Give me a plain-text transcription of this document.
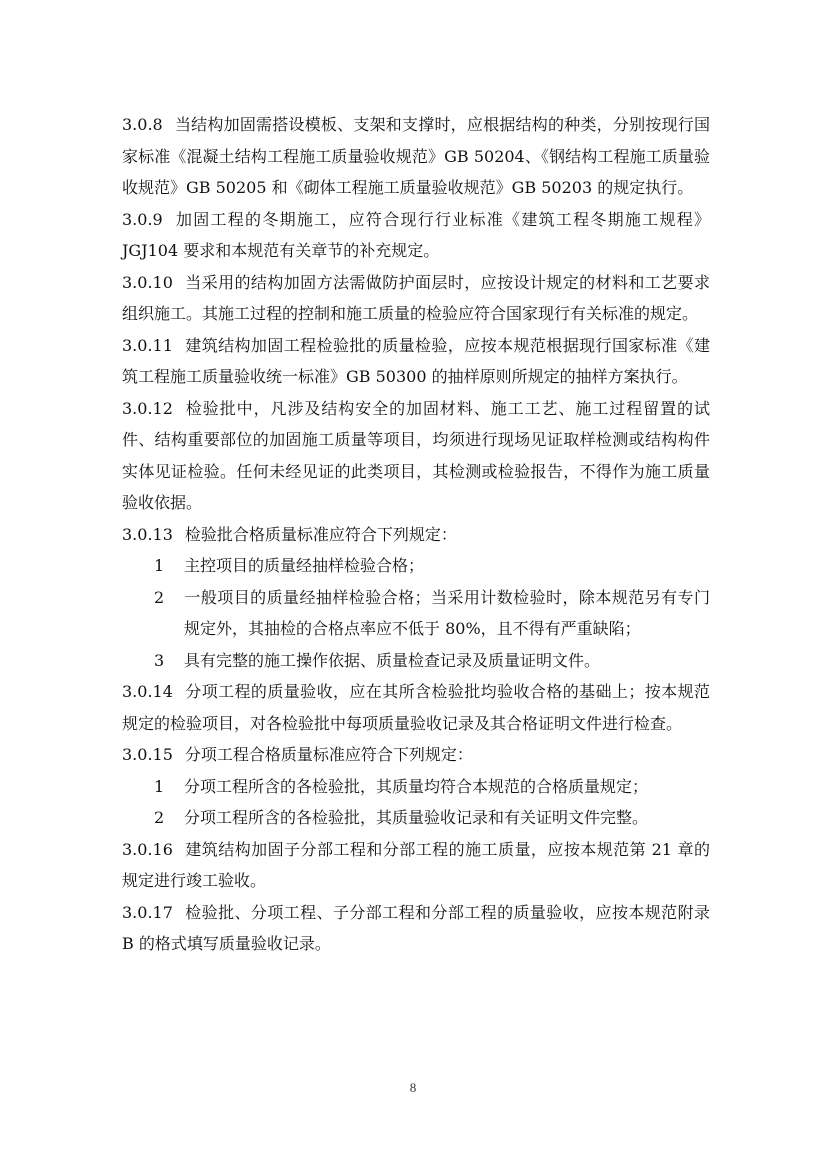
3.0.8 当结构加固需搭设模板、支架和支撑时，应根据结构的种类，分别按现行国家标准《混凝土结构工程施工质量验收规范》GB 50204、《钢结构工程施工质量验收规范》GB 50205 和《砌体工程施工质量验收规范》GB 50203 的规定执行。

3.0.9 加固工程的冬期施工，应符合现行行业标准《建筑工程冬期施工规程》JGJ104 要求和本规范有关章节的补充规定。

3.0.10 当采用的结构加固方法需做防护面层时，应按设计规定的材料和工艺要求组织施工。其施工过程的控制和施工质量的检验应符合国家现行有关标准的规定。

3.0.11 建筑结构加固工程检验批的质量检验，应按本规范根据现行国家标准《建筑工程施工质量验收统一标准》GB 50300 的抽样原则所规定的抽样方案执行。

3.0.12 检验批中，凡涉及结构安全的加固材料、施工工艺、施工过程留置的试件、结构重要部位的加固施工质量等项目，均须进行现场见证取样检测或结构构件实体见证检验。任何未经见证的此类项目，其检测或检验报告，不得作为施工质量验收依据。

3.0.13 检验批合格质量标准应符合下列规定：

1 主控项目的质量经抽样检验合格；

2 一般项目的质量经抽样检验合格；当采用计数检验时，除本规范另有专门规定外，其抽检的合格点率应不低于 80%，且不得有严重缺陷；

3 具有完整的施工操作依据、质量检查记录及质量证明文件。

3.0.14 分项工程的质量验收，应在其所含检验批均验收合格的基础上；按本规范规定的检验项目，对各检验批中每项质量验收记录及其合格证明文件进行检查。

3.0.15 分项工程合格质量标准应符合下列规定：

1 分项工程所含的各检验批，其质量均符合本规范的合格质量规定；

2 分项工程所含的各检验批，其质量验收记录和有关证明文件完整。

3.0.16 建筑结构加固子分部工程和分部工程的施工质量，应按本规范第 21 章的规定进行竣工验收。

3.0.17 检验批、分项工程、子分部工程和分部工程的质量验收，应按本规范附录 B 的格式填写质量验收记录。

8
